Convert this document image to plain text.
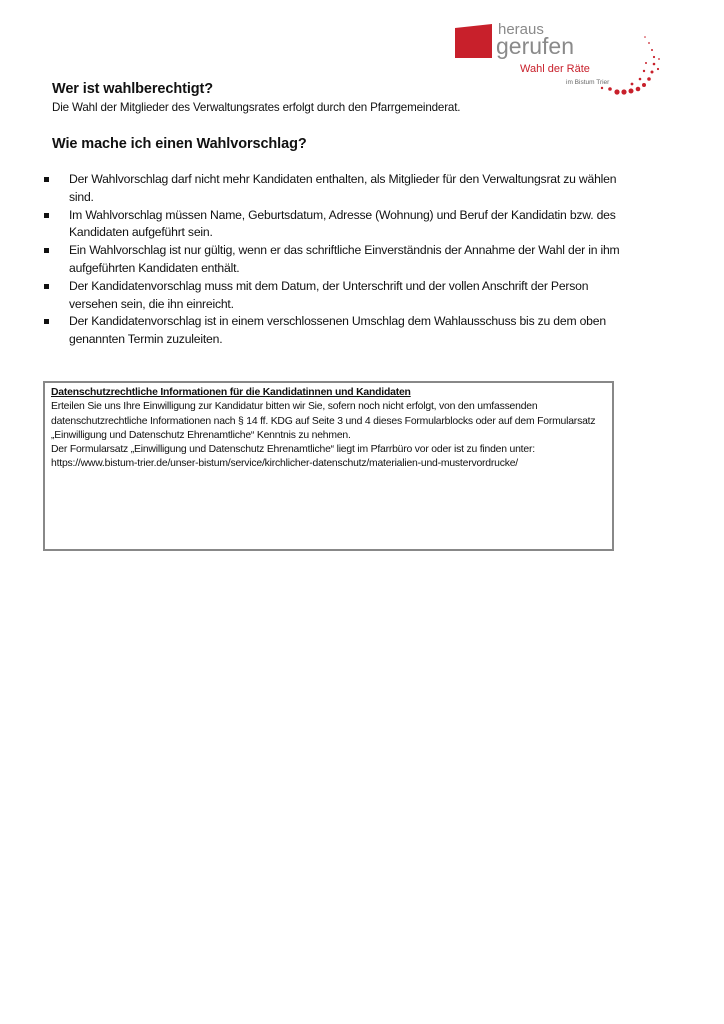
heraus
gerufen
Wahl der Räte
im Bistum Trier
Wer ist wahlberechtigt?
Die Wahl der Mitglieder des Verwaltungsrates erfolgt durch den Pfarrgemeinderat.
Wie mache ich einen Wahlvorschlag?
Der Wahlvorschlag darf nicht mehr Kandidaten enthalten, als Mitglieder für den Verwaltungsrat zu wählen sind.
Im Wahlvorschlag müssen Name, Geburtsdatum, Adresse (Wohnung) und Beruf der Kandidatin bzw. des Kandidaten aufgeführt sein.
Ein Wahlvorschlag ist nur gültig, wenn er das schriftliche Einverständnis der Annahme der Wahl der in ihm aufgeführten Kandidaten enthält.
Der Kandidatenvorschlag muss mit dem Datum, der Unterschrift und der vollen Anschrift der Person versehen sein, die ihn einreicht.
Der Kandidatenvorschlag ist in einem verschlossenen Umschlag dem Wahlausschuss bis zu dem oben genannten Termin zuzuleiten.
Datenschutzrechtliche Informationen für die Kandidatinnen und Kandidaten
Erteilen Sie uns Ihre Einwilligung zur Kandidatur bitten wir Sie, sofern noch nicht erfolgt, von den umfassenden datenschutzrechtliche Informationen nach § 14 ff. KDG auf Seite 3 und 4 dieses Formularblocks oder auf dem Formularsatz „Einwilligung und Datenschutz Ehrenamtliche“ Kenntnis zu nehmen.
Der Formularsatz „Einwilligung und Datenschutz Ehrenamtliche“ liegt im Pfarrbüro vor oder ist zu finden unter:
https://www.bistum-trier.de/unser-bistum/service/kirchlicher-datenschutz/materialien-und-mustervordrucke/
